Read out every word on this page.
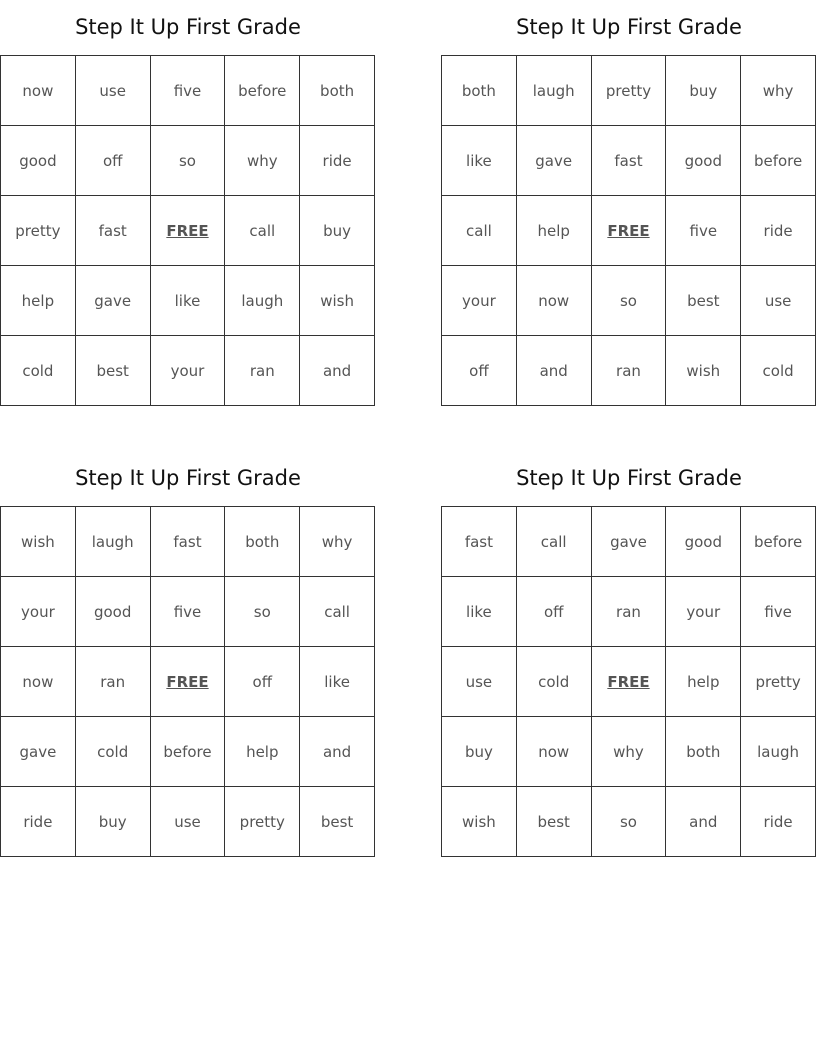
Step It Up First Grade
now	use	five	before	both
good	off	so	why	ride
pretty	fast	FREE	call	buy
help	gave	like	laugh	wish
cold	best	your	ran	and
Step It Up First Grade
both	laugh	pretty	buy	why
like	gave	fast	good	before
call	help	FREE	five	ride
your	now	so	best	use
off	and	ran	wish	cold
Step It Up First Grade
wish	laugh	fast	both	why
your	good	five	so	call
now	ran	FREE	off	like
gave	cold	before	help	and
ride	buy	use	pretty	best
Step It Up First Grade
fast	call	gave	good	before
like	off	ran	your	five
use	cold	FREE	help	pretty
buy	now	why	both	laugh
wish	best	so	and	ride
